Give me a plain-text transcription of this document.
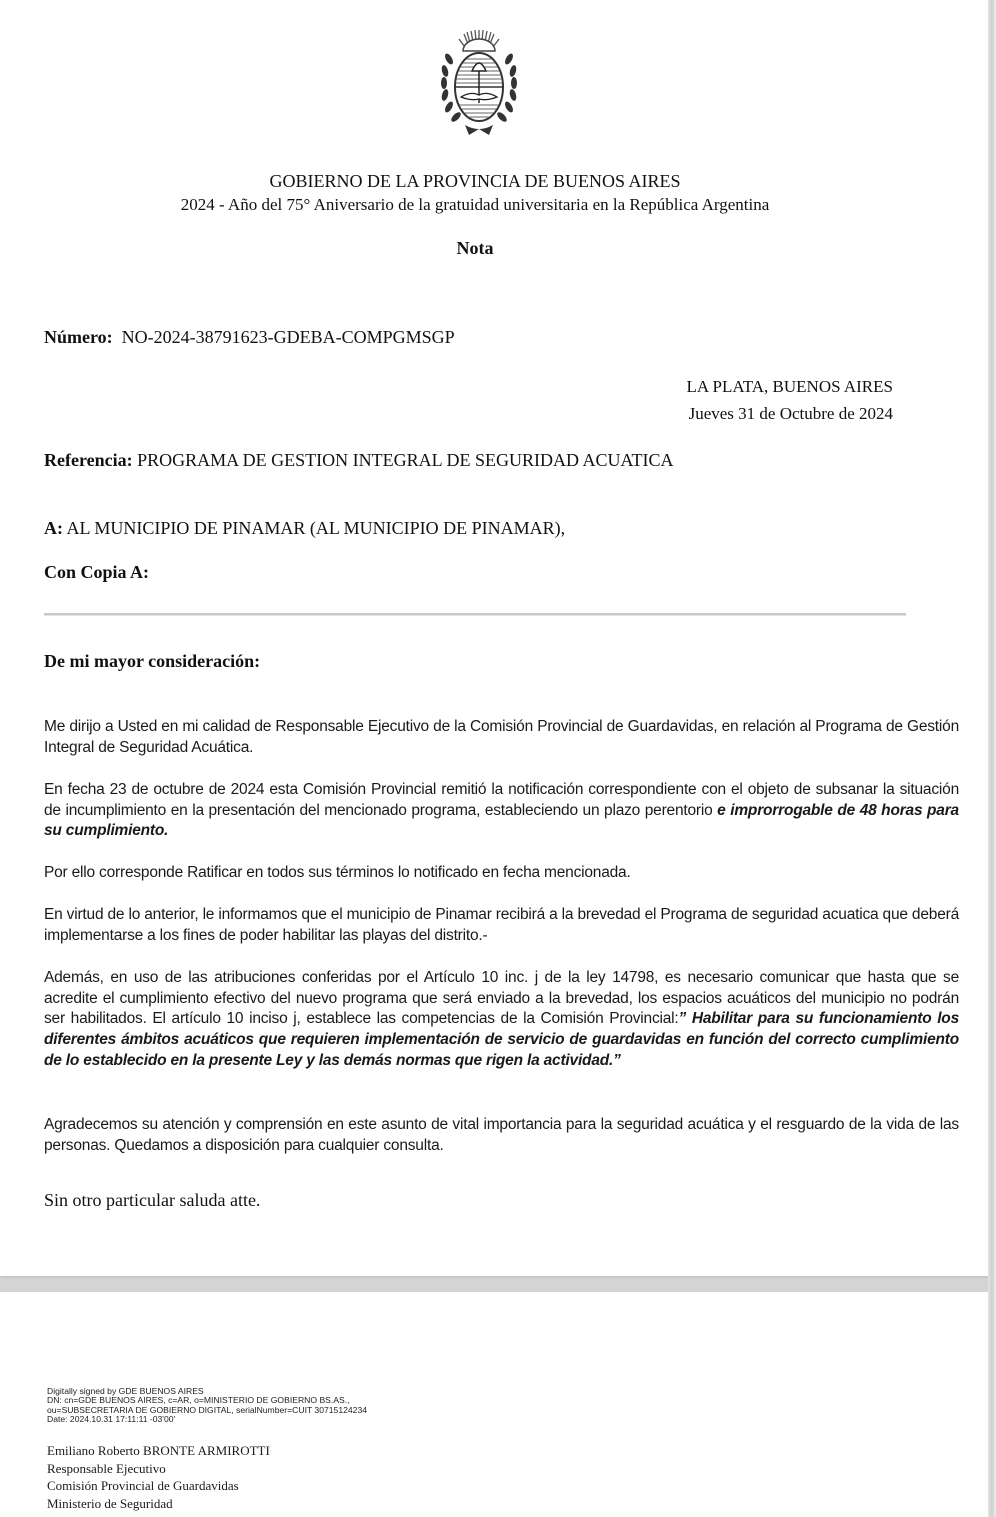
GOBIERNO DE LA PROVINCIA DE BUENOS AIRES

2024 - Año del 75° Aniversario de la gratuidad universitaria en la República Argentina

Nota

Número: NO-2024-38791623-GDEBA-COMPGMSGP

LA PLATA, BUENOS AIRES

Jueves 31 de Octubre de 2024

Referencia: PROGRAMA DE GESTION INTEGRAL DE SEGURIDAD ACUATICA

A: AL MUNICIPIO DE PINAMAR (AL MUNICIPIO DE PINAMAR),

Con Copia A:

De mi mayor consideración:

Me dirijo a Usted en mi calidad de Responsable Ejecutivo de la Comisión Provincial de Guardavidas, en relación al Programa de Gestión Integral de Seguridad Acuática.

En fecha 23 de octubre de 2024 esta Comisión Provincial remitió la notificación correspondiente con el objeto de subsanar la situación de incumplimiento en la presentación del mencionado programa, estableciendo un plazo perentorio e improrrogable de 48 horas para su cumplimiento.

Por ello corresponde Ratificar en todos sus términos lo notificado en fecha mencionada.

En virtud de lo anterior, le informamos que el municipio de Pinamar recibirá a la brevedad el Programa de seguridad acuatica que deberá implementarse a los fines de poder habilitar las playas del distrito.-

Además, en uso de las atribuciones conferidas por el Artículo 10 inc. j de la ley 14798, es necesario comunicar que hasta que se acredite el cumplimiento efectivo del nuevo programa que será enviado a la brevedad, los espacios acuáticos del municipio no podrán ser habilitados. El artículo 10 inciso j, establece las competencias de la Comisión Provincial:” Habilitar para su funcionamiento los diferentes ámbitos acuáticos que requieren implementación de servicio de guardavidas en función del correcto cumplimiento de lo establecido en la presente Ley y las demás normas que rigen la actividad.”

Agradecemos su atención y comprensión en este asunto de vital importancia para la seguridad acuática y el resguardo de la vida de las personas. Quedamos a disposición para cualquier consulta.

Sin otro particular saluda atte.

Digitally signed by GDE BUENOS AIRES
DN: cn=GDE BUENOS AIRES, c=AR, o=MINISTERIO DE GOBIERNO BS.AS.,
ou=SUBSECRETARIA DE GOBIERNO DIGITAL, serialNumber=CUIT 30715124234
Date: 2024.10.31 17:11:11 -03'00'
Emiliano Roberto BRONTE ARMIROTTI
Responsable Ejecutivo
Comisión Provincial de Guardavidas
Ministerio de Seguridad
